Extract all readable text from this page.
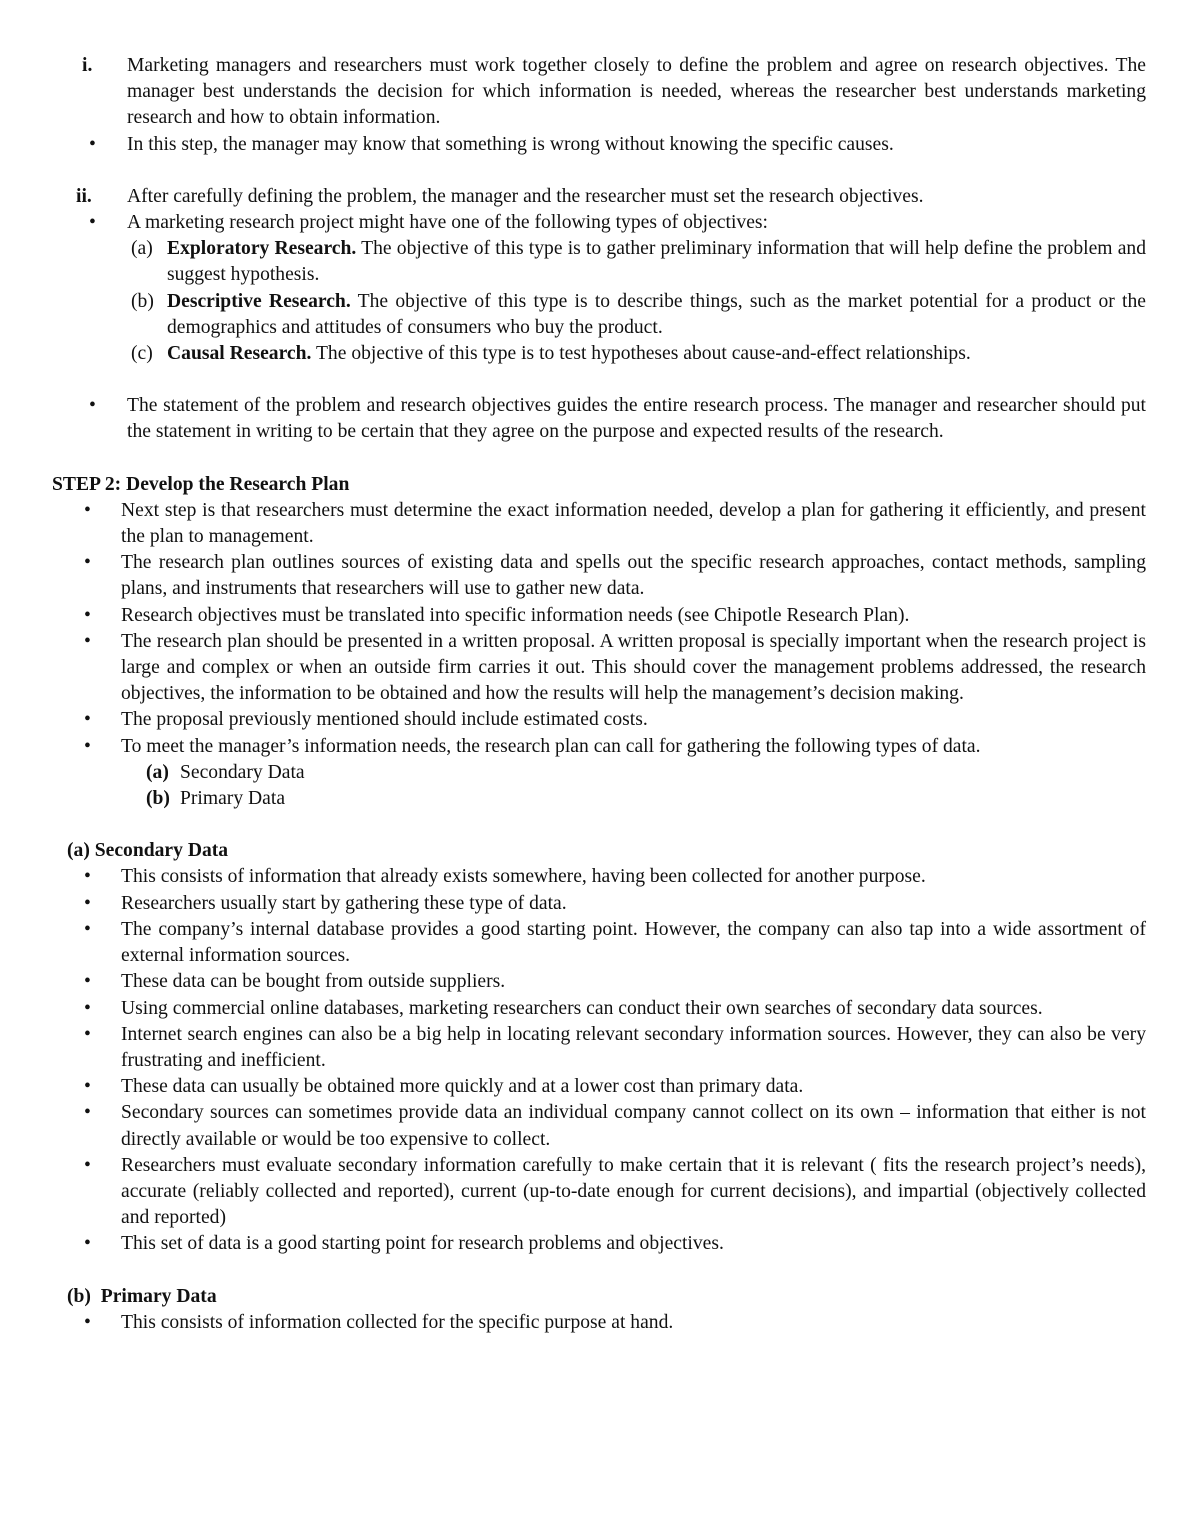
i. Marketing managers and researchers must work together closely to define the problem and agree on research objectives. The manager best understands the decision for which information is needed, whereas the researcher best understands marketing research and how to obtain information.

• In this step, the manager may know that something is wrong without knowing the specific causes.

ii. After carefully defining the problem, the manager and the researcher must set the research objectives.

• A marketing research project might have one of the following types of objectives:

(a) Exploratory Research. The objective of this type is to gather preliminary information that will help define the problem and suggest hypothesis.

(b) Descriptive Research. The objective of this type is to describe things, such as the market potential for a product or the demographics and attitudes of consumers who buy the product.

(c) Causal Research. The objective of this type is to test hypotheses about cause-and-effect relationships.

• The statement of the problem and research objectives guides the entire research process. The manager and researcher should put the statement in writing to be certain that they agree on the purpose and expected results of the research.

STEP 2: Develop the Research Plan
• Next step is that researchers must determine the exact information needed, develop a plan for gathering it efficiently, and present the plan to management.

• The research plan outlines sources of existing data and spells out the specific research approaches, contact methods, sampling plans, and instruments that researchers will use to gather new data.

• Research objectives must be translated into specific information needs (see Chipotle Research Plan).

• The research plan should be presented in a written proposal. A written proposal is specially important when the research project is large and complex or when an outside firm carries it out. This should cover the management problems addressed, the research objectives, the information to be obtained and how the results will help the management’s decision making.

• The proposal previously mentioned should include estimated costs.

• To meet the manager’s information needs, the research plan can call for gathering the following types of data.

(a) Secondary Data

(b) Primary Data

(a) Secondary Data
• This consists of information that already exists somewhere, having been collected for another purpose.

• Researchers usually start by gathering these type of data.

• The company’s internal database provides a good starting point. However, the company can also tap into a wide assortment of external information sources.

• These data can be bought from outside suppliers.

• Using commercial online databases, marketing researchers can conduct their own searches of secondary data sources.

• Internet search engines can also be a big help in locating relevant secondary information sources. However, they can also be very frustrating and inefficient.

• These data can usually be obtained more quickly and at a lower cost than primary data.

• Secondary sources can sometimes provide data an individual company cannot collect on its own – information that either is not directly available or would be too expensive to collect.

• Researchers must evaluate secondary information carefully to make certain that it is relevant ( fits the research project’s needs), accurate (reliably collected and reported), current (up-to-date enough for current decisions), and impartial (objectively collected and reported)

• This set of data is a good starting point for research problems and objectives.

(b)  Primary Data
• This consists of information collected for the specific purpose at hand.
